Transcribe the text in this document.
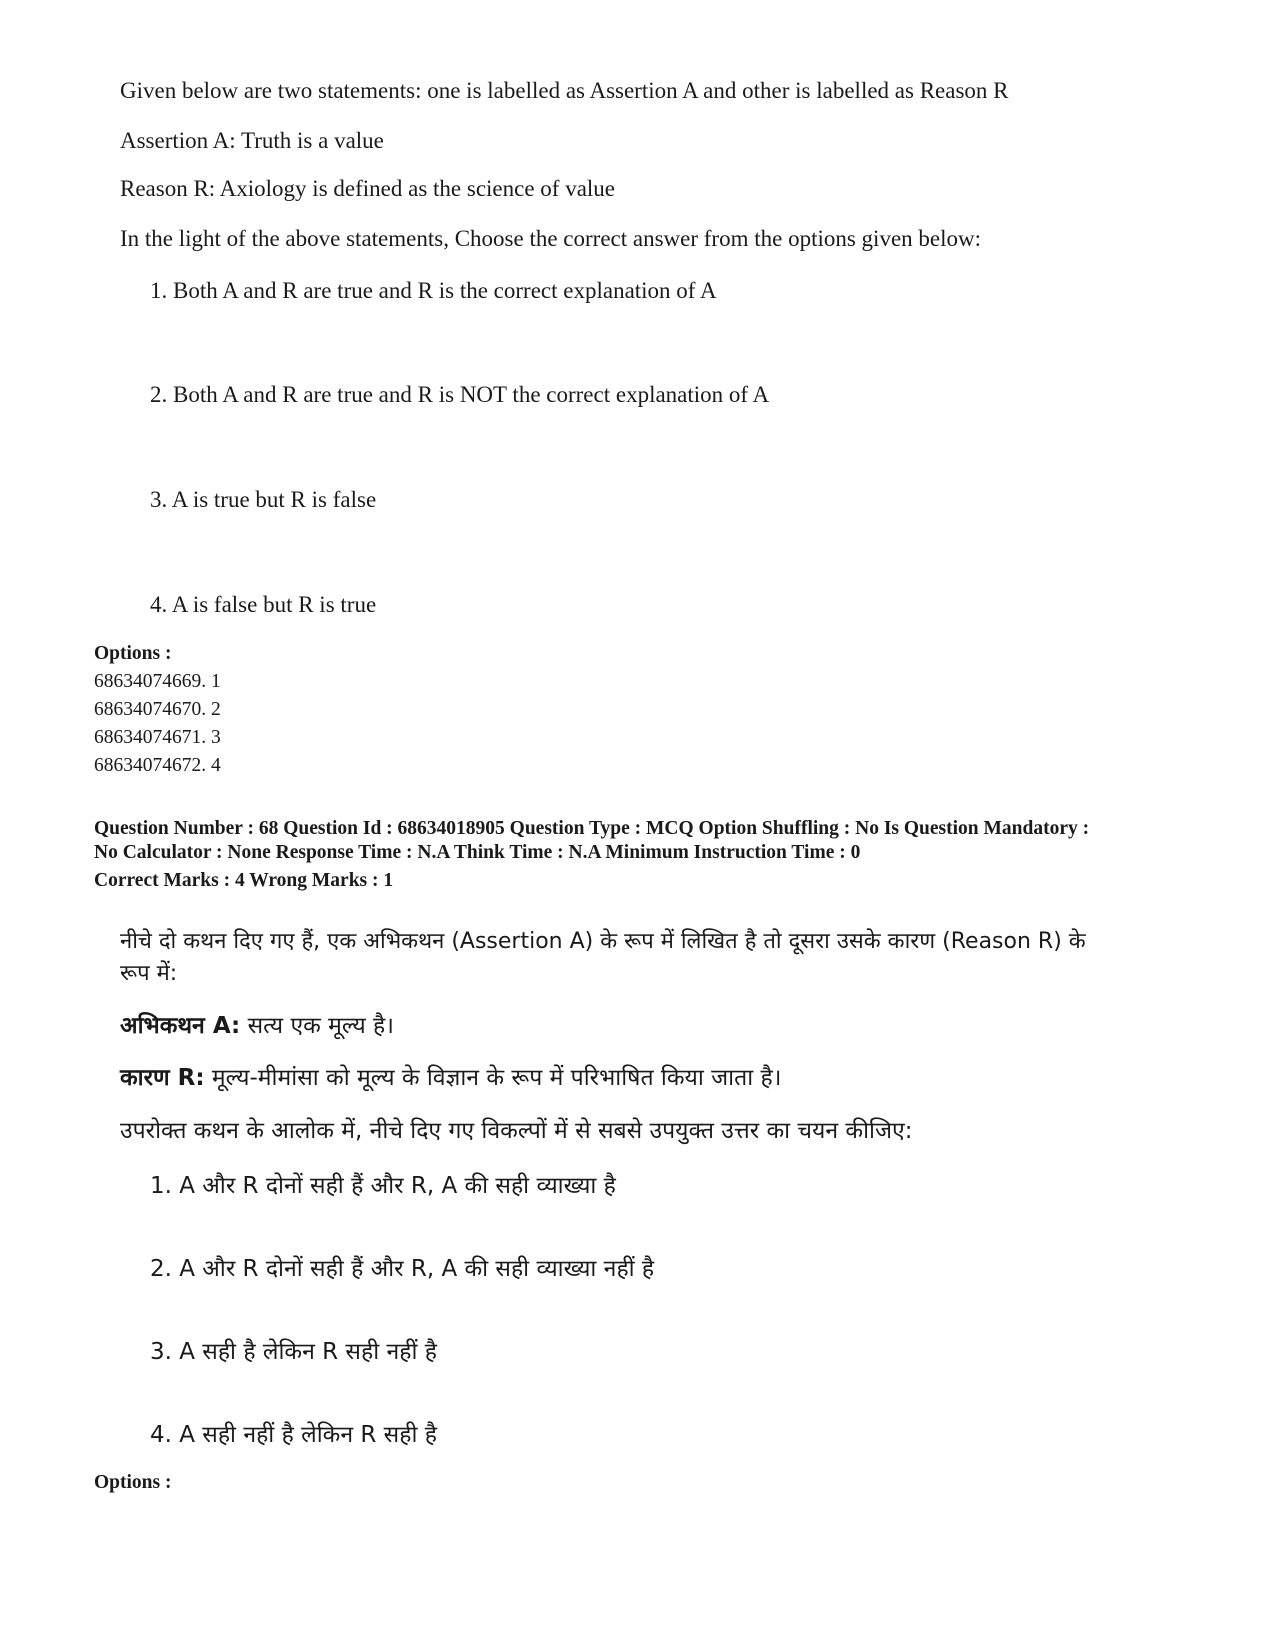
Given below are two statements: one is labelled as Assertion A and other is labelled as Reason R
Assertion A: Truth is a value
Reason R: Axiology is defined as the science of value
In the light of the above statements, Choose the correct answer from the options given below:
1. Both A and R are true and R is the correct explanation of A
2. Both A and R are true and R is NOT the correct explanation of A
3. A is true but R is false
4. A is false but R is true
Options :
68634074669. 1
68634074670. 2
68634074671. 3
68634074672. 4
Question Number : 68 Question Id : 68634018905 Question Type : MCQ Option Shuffling : No Is Question Mandatory :
No Calculator : None Response Time : N.A Think Time : N.A Minimum Instruction Time : 0
Correct Marks : 4 Wrong Marks : 1
नीचे दो कथन दिए गए हैं, एक अभिकथन (Assertion A) के रूप में लिखित है तो दूसरा उसके कारण (Reason R) के
रूप में:
अभिकथन A: सत्य एक मूल्य है।
कारण R: मूल्य-मीमांसा को मूल्य के विज्ञान के रूप में परिभाषित किया जाता है।
उपरोक्त कथन के आलोक में, नीचे दिए गए विकल्पों में से सबसे उपयुक्त उत्तर का चयन कीजिए:
1. A और R दोनों सही हैं और R, A की सही व्याख्या है
2. A और R दोनों सही हैं और R, A की सही व्याख्या नहीं है
3. A सही है लेकिन R सही नहीं है
4. A सही नहीं है लेकिन R सही है
Options :
